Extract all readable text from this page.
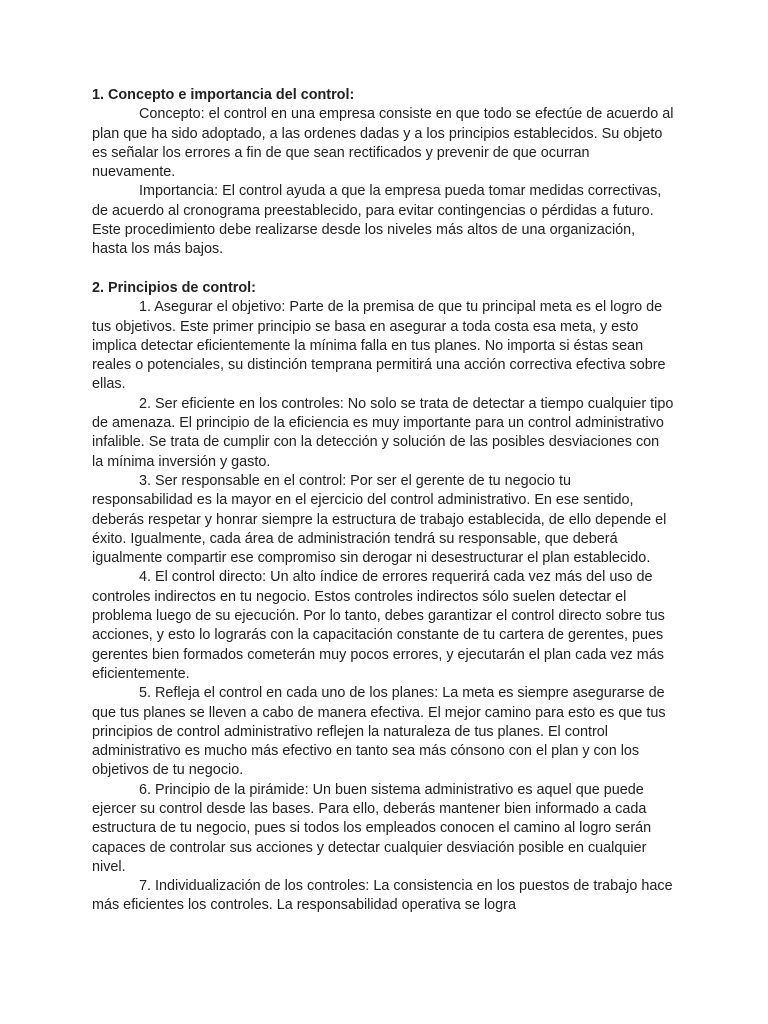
1. Concepto e importancia del control:

Concepto: el control en una empresa consiste en que todo se efectúe de acuerdo al plan que ha sido adoptado, a las ordenes dadas y a los principios establecidos. Su objeto es señalar los errores a fin de que sean rectificados y prevenir de que ocurran nuevamente.

Importancia: El control ayuda a que la empresa pueda tomar medidas correctivas, de acuerdo al cronograma preestablecido, para evitar contingencias o pérdidas a futuro. Este procedimiento debe realizarse desde los niveles más altos de una organización, hasta los más bajos.

2. Principios de control:

1. Asegurar el objetivo: Parte de la premisa de que tu principal meta es el logro de tus objetivos. Este primer principio se basa en asegurar a toda costa esa meta, y esto implica detectar eficientemente la mínima falla en tus planes. No importa si éstas sean reales o potenciales, su distinción temprana permitirá una acción correctiva efectiva sobre ellas.

2. Ser eficiente en los controles: No solo se trata de detectar a tiempo cualquier tipo de amenaza. El principio de la eficiencia es muy importante para un control administrativo infalible. Se trata de cumplir con la detección y solución de las posibles desviaciones con la mínima inversión y gasto.

3. Ser responsable en el control: Por ser el gerente de tu negocio tu responsabilidad es la mayor en el ejercicio del control administrativo. En ese sentido, deberás respetar y honrar siempre la estructura de trabajo establecida, de ello depende el éxito. Igualmente, cada área de administración tendrá su responsable, que deberá igualmente compartir ese compromiso sin derogar ni desestructurar el plan establecido.

4. El control directo: Un alto índice de errores requerirá cada vez más del uso de controles indirectos en tu negocio. Estos controles indirectos sólo suelen detectar el problema luego de su ejecución. Por lo tanto, debes garantizar el control directo sobre tus acciones, y esto lo lograrás con la capacitación constante de tu cartera de gerentes, pues gerentes bien formados cometerán muy pocos errores, y ejecutarán el plan cada vez más eficientemente.

5. Refleja el control en cada uno de los planes: La meta es siempre asegurarse de que tus planes se lleven a cabo de manera efectiva. El mejor camino para esto es que tus principios de control administrativo reflejen la naturaleza de tus planes. El control administrativo es mucho más efectivo en tanto sea más cónsono con el plan y con los objetivos de tu negocio.

6. Principio de la pirámide: Un buen sistema administrativo es aquel que puede ejercer su control desde las bases. Para ello, deberás mantener bien informado a cada estructura de tu negocio, pues si todos los empleados conocen el camino al logro serán capaces de controlar sus acciones y detectar cualquier desviación posible en cualquier nivel.

7. Individualización de los controles: La consistencia en los puestos de trabajo hace más eficientes los controles. La responsabilidad operativa se logra
